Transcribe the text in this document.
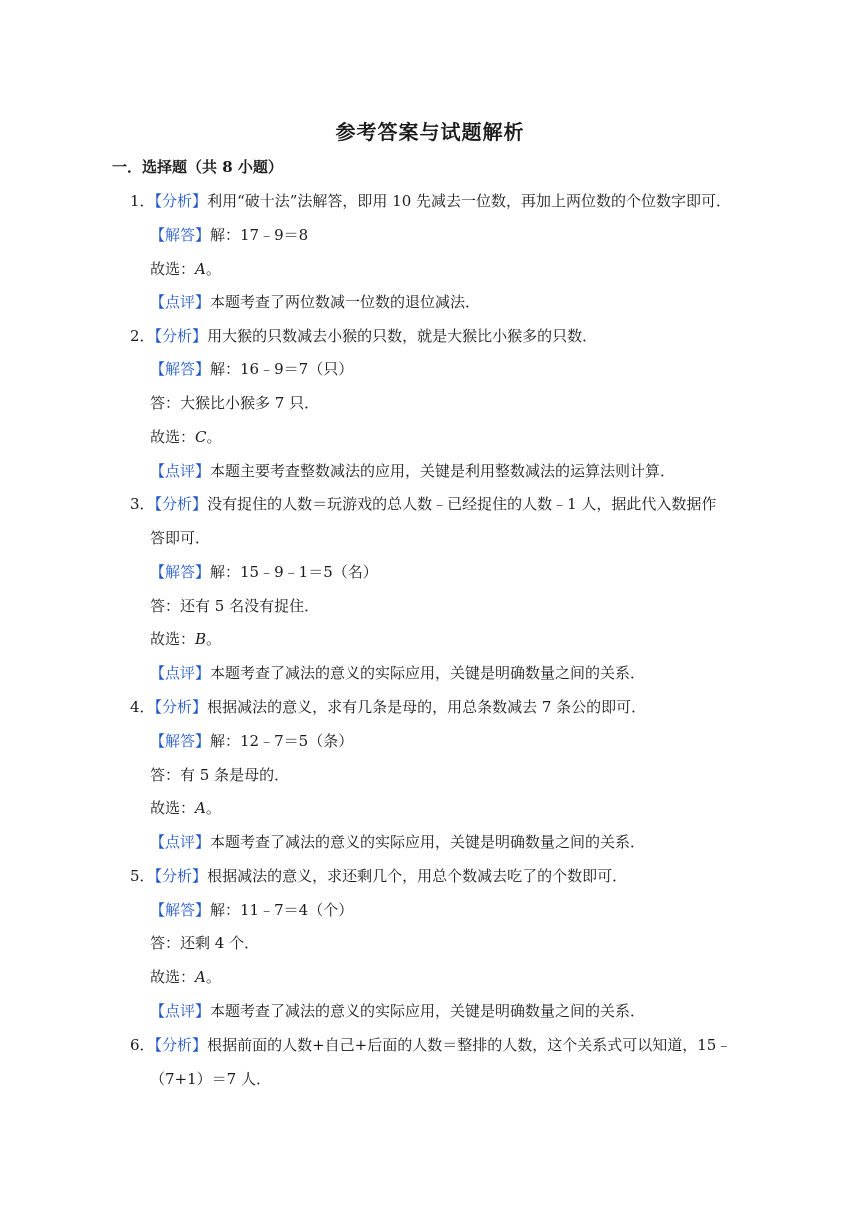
参考答案与试题解析
一．选择题（共 8 小题）
1．【分析】利用“破十法”法解答，即用 10 先减去一位数，再加上两位数的个位数字即可．
【解答】解：17﹣9＝8
故选：A。
【点评】本题考查了两位数减一位数的退位减法．
2．【分析】用大猴的只数减去小猴的只数，就是大猴比小猴多的只数．
【解答】解：16﹣9＝7（只）
答：大猴比小猴多 7 只．
故选：C。
【点评】本题主要考查整数减法的应用，关键是利用整数减法的运算法则计算．
3．【分析】没有捉住的人数＝玩游戏的总人数﹣已经捉住的人数﹣1 人，据此代入数据作
答即可．
【解答】解：15﹣9﹣1＝5（名）
答：还有 5 名没有捉住．
故选：B。
【点评】本题考查了减法的意义的实际应用，关键是明确数量之间的关系．
4．【分析】根据减法的意义，求有几条是母的，用总条数减去 7 条公的即可．
【解答】解：12﹣7＝5（条）
答：有 5 条是母的．
故选：A。
【点评】本题考查了减法的意义的实际应用，关键是明确数量之间的关系．
5．【分析】根据减法的意义，求还剩几个，用总个数减去吃了的个数即可．
【解答】解：11﹣7＝4（个）
答：还剩 4 个．
故选：A。
【点评】本题考查了减法的意义的实际应用，关键是明确数量之间的关系．
6．【分析】根据前面的人数+自己+后面的人数＝整排的人数，这个关系式可以知道，15﹣
（7+1）＝7 人．
